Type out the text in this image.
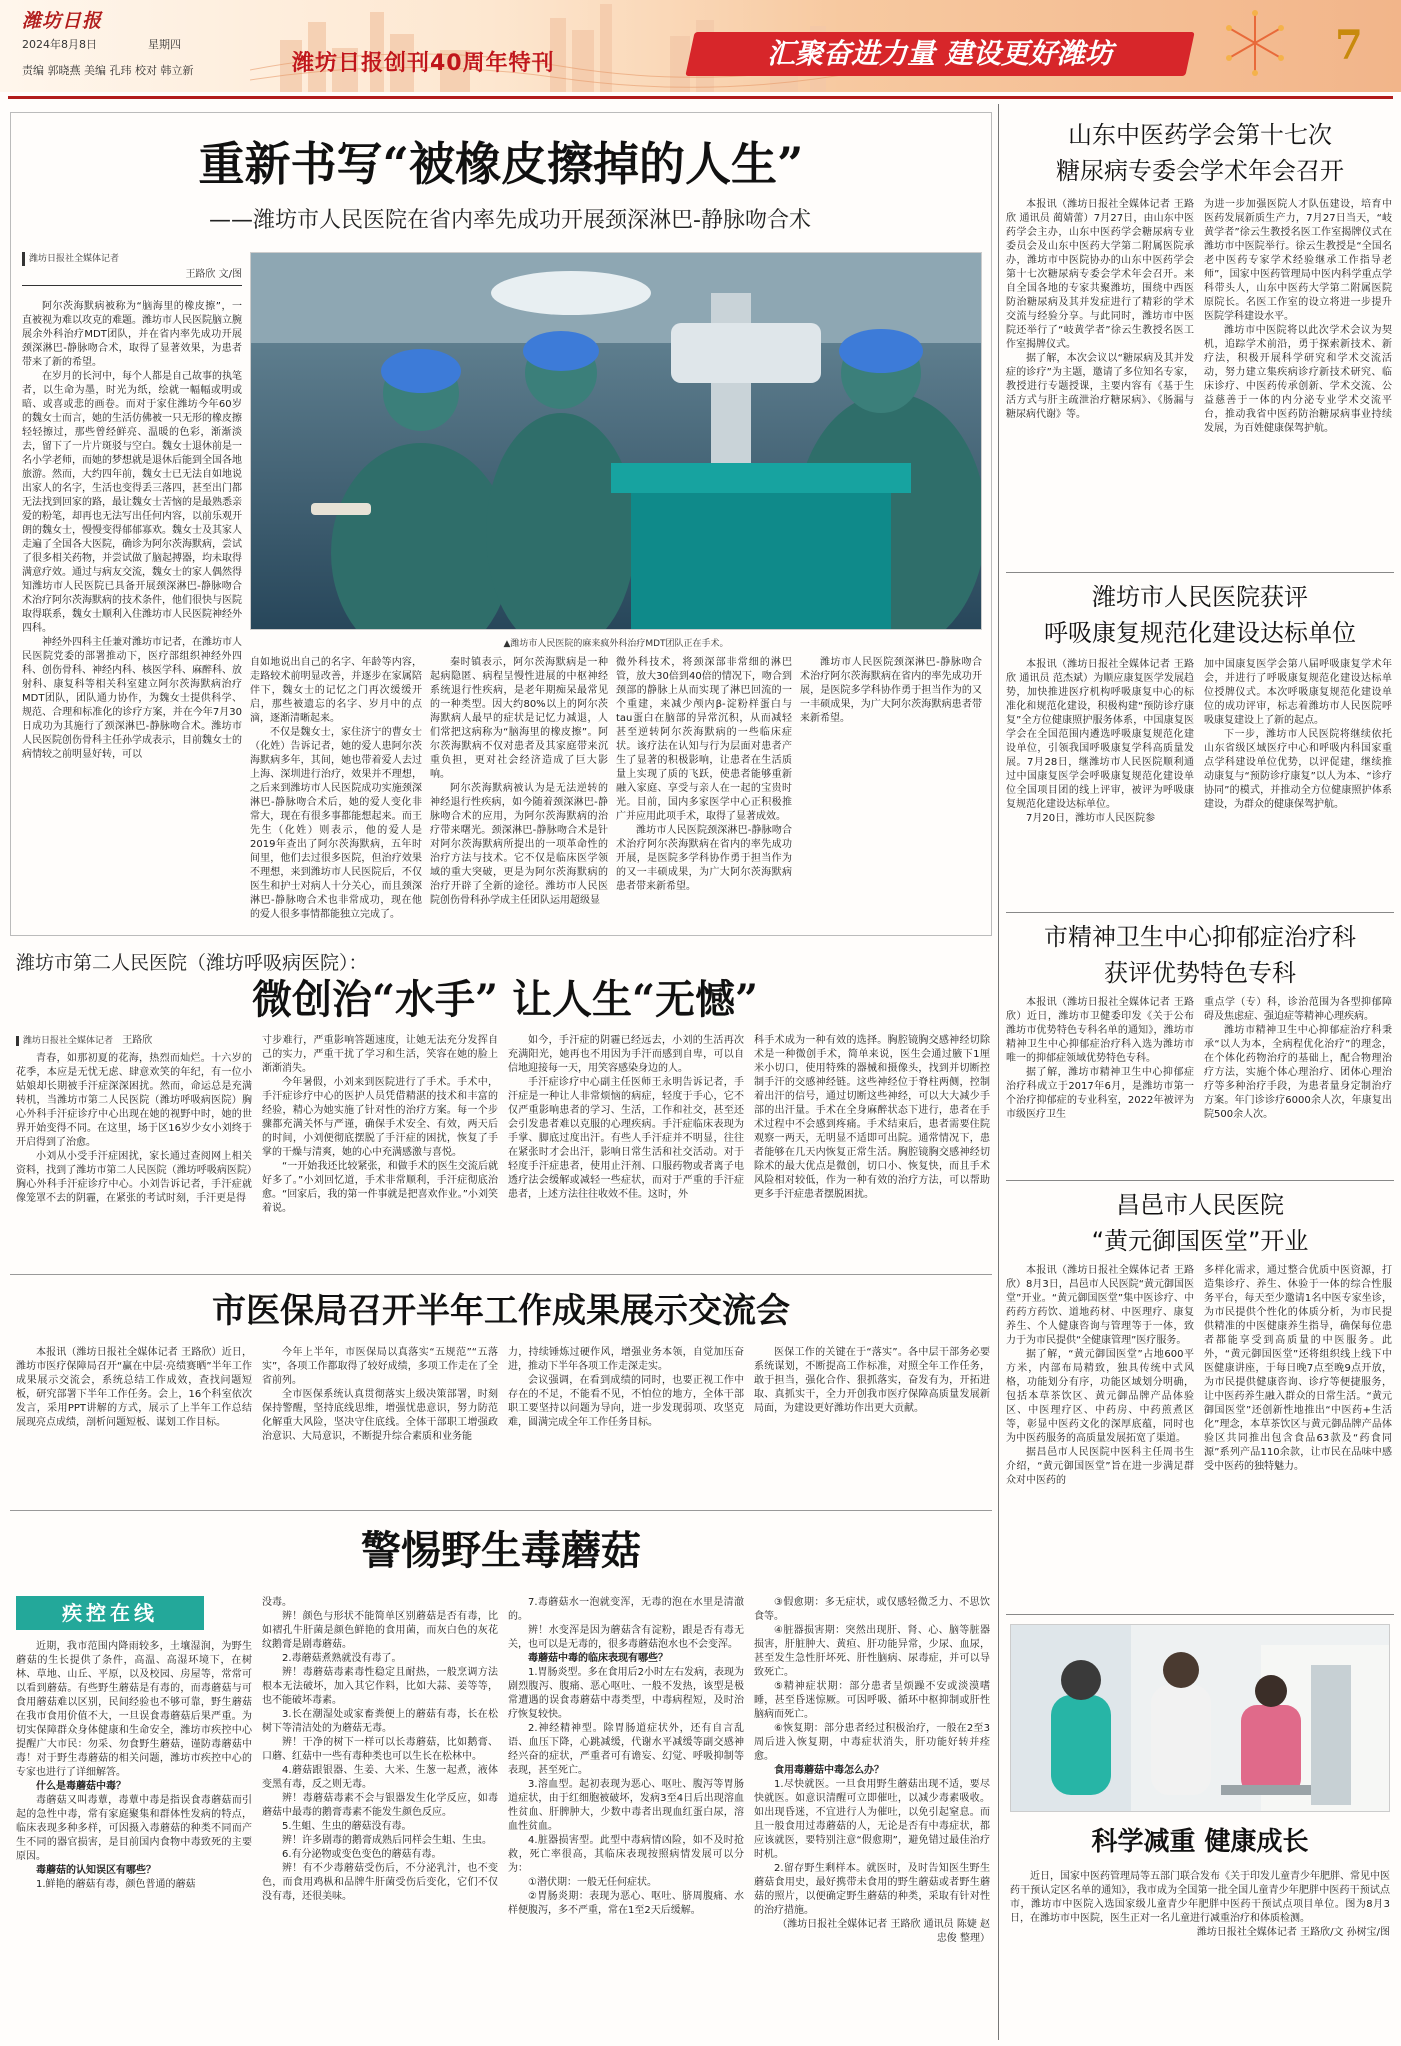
潍坊日报
2024年8月8日	星期四
责编 郭晓燕 美编 孔玮 校对 韩立新	潍坊日报创刊40周年特刊	汇聚奋进力量 建设更好潍坊	7
重新书写“被橡皮擦掉的人生”
——潍坊市人民医院在省内率先成功开展颈深淋巴-静脉吻合术
潍坊日报社全媒体记者
王路欣 文/图

阿尔茨海默病被称为“脑海里的橡皮擦”，一直被视为难以攻克的难题。潍坊市人民医院脑立腕展余外科治疗MDT团队，并在省内率先成功开展颈深淋巴-静脉吻合术，取得了显著效果，为患者带来了新的希望。

在岁月的长河中，每个人都是自己故事的执笔者，以生命为墨，时光为纸，绘就一幅幅或明或暗、或喜或悲的画卷。而对于家住潍坊今年60岁的魏女士而言，她的生活仿佛被一只无形的橡皮擦轻轻擦过，那些曾经鲜亮、温暖的色彩，渐渐淡去，留下了一片片斑驳与空白。魏女士退休前是一名小学老师，而她的梦想就是退休后能到全国各地旅游。然而，大约四年前，魏女士已无法自如地说出家人的名字，生活也变得丢三落四，甚至出门都无法找到回家的路，最让魏女士苦恼的是最熟悉亲爱的粉笔，却再也无法写出任何内容，以前乐观开朗的魏女士，慢慢变得郁郁寡欢。魏女士及其家人走遍了全国各大医院，确诊为阿尔茨海默病，尝试了很多相关药物，并尝试做了脑起搏器，均未取得满意疗效。通过与病友交流，魏女士的家人偶然得知潍坊市人民医院已具备开展颈深淋巴-静脉吻合术治疗阿尔茨海默病的技术条件，他们很快与医院取得联系，魏女士顺利入住潍坊市人民医院神经外四科。

神经外四科主任兼对潍坊市记者，在潍坊市人民医院党委的部署推动下，医疗部组织神经外四科、创伤骨科、神经内科、核医学科、麻醉科、放射科、康复科等相关科室建立阿尔茨海默病治疗MDT团队，团队通力协作，为魏女士提供科学、规范、合理和标准化的诊疗方案，并在今年7月30日成功为其施行了颈深淋巴-静脉吻合术。潍坊市人民医院创伤骨科主任孙学成表示，目前魏女士的病情较之前明显好转，可以

▲潍坊市人民医院的麻来疯外科治疗MDT团队正在手术。

自如地说出自己的名字、年龄等内容，走路较术前明显改善，并逐步在家属陪伴下，魏女士的记忆之门再次缓缓开启，那些被遗忘的名字、岁月中的点滴，逐渐清晰起来。

不仅是魏女士，家住济宁的曹女士（化姓）告诉记者，她的爱人患阿尔茨海默病多年，其间，她也带着爱人去过上海、深圳进行治疗，效果并不理想，之后来到潍坊市人民医院成功实施颈深淋巴-静脉吻合术后，她的爱人变化非常大，现在有很多事都能想起来。而王先生（化姓）则表示，他的爱人是2019年查出了阿尔茨海默病，五年时间里，他们去过很多医院，但治疗效果不理想，来到潍坊市人民医院后，不仅医生和护士对病人十分关心，而且颈深淋巴-静脉吻合术也非常成功，现在他的爱人很多事情都能独立完成了。

秦时镇表示，阿尔茨海默病是一种起病隐匿、病程呈慢性进展的中枢神经系统退行性疾病，是老年期痴呆最常见的一种类型。因大约80%以上的阿尔茨海默病人最早的症状是记忆力减退，人们常把这病称为“脑海里的橡皮擦”。阿尔茨海默病不仅对患者及其家庭带来沉重负担，更对社会经济造成了巨大影响。

阿尔茨海默病被认为是无法逆转的神经退行性疾病，如今随着颈深淋巴-静脉吻合术的应用，为阿尔茨海默病的治疗带来曙光。颈深淋巴-静脉吻合术是针对阿尔茨海默病所提出的一项革命性的治疗方法与技术。它不仅是临床医学领域的重大突破，更是为阿尔茨海默病的治疗开辟了全新的途径。潍坊市人民医院创伤骨科孙学成主任团队运用超级显

微外科技术，将颈深部非常细的淋巴管，放大30倍到40倍的情况下，吻合到颈部的静脉上从而实现了淋巴回流的一个重建，来减少颅内β-淀粉样蛋白与tau蛋白在脑部的异常沉积，从而减轻甚至逆转阿尔茨海默病的一些临床症状。该疗法在认知与行为层面对患者产生了显著的积极影响，让患者在生活质量上实现了质的飞跃，使患者能够重新融入家庭、享受与亲人在一起的宝贵时光。目前，国内多家医学中心正积极推广并应用此项手术，取得了显著成效。

潍坊市人民医院颈深淋巴-静脉吻合术治疗阿尔茨海默病在省内的率先成功开展，是医院多学科协作勇于担当作为的又一丰硕成果，为广大阿尔茨海默病患者带来新希望。

潍坊市人民医院颈深淋巴-静脉吻合术治疗阿尔茨海默病在省内的率先成功开展，是医院多学科协作勇于担当作为的又一丰硕成果，为广大阿尔茨海默病患者带来新希望。

潍坊市第二人民医院（潍坊呼吸病医院）：
微创治“水手” 让人生“无憾”
潍坊日报社全媒体记者 王路欣

青春，如那初夏的花海，热烈而灿烂。十六岁的花季，本应是无忧无虑、肆意欢笑的年纪，有一位小姑娘却长期被手汗症深深困扰。然而，命运总是充满转机，当潍坊市第二人民医院（潍坊呼吸病医院）胸心外科手汗症诊疗中心出现在她的视野中时，她的世界开始变得不同。在这里，场于区16岁少女小刘终于开启得到了治愈。

小刘从小受手汗症困扰，家长通过查阅网上相关资料，找到了潍坊市第二人民医院（潍坊呼吸病医院）胸心外科手汗症诊疗中心。小刘告诉记者，手汗症就像笼罩不去的阴霾，在紧张的考试时刻，手汗更是得

寸步难行，严重影响答题速度，让她无法充分发挥自己的实力，严重干扰了学习和生活，笑容在她的脸上渐渐消失。

今年暑假，小刘来到医院进行了手术。手术中，手汗症诊疗中心的医护人员凭借精湛的技术和丰富的经验，精心为她实施了针对性的治疗方案。每一个步骤都充满关怀与严谨，确保手术安全、有效，两天后的时间，小刘便彻底摆脱了手汗症的困扰，恢复了手掌的干燥与清爽，她的心中充满感激与喜悦。

“一开始我还比较紧张，和做手术的医生交流后就好多了。”小刘回忆道，手术非常顺利，手汗症彻底治愈。“回家后，我的第一件事就是把喜欢作业。”小刘笑着说。

如今，手汗症的阴霾已经远去，小刘的生活再次充满阳光，她再也不用因为手汗而感到自卑，可以自信地迎接每一天，用笑容感染身边的人。

手汗症诊疗中心副主任医师王永明告诉记者，手汗症是一种让人非常烦恼的病症，轻度于手心，它不仅严重影响患者的学习、生活，工作和社交，甚至还会引发患者难以克服的心理疾病。手汗症临床表现为手掌、脚底过度出汗。有些人手汗症并不明显，往往在紧张时才会出汗，影响日常生活和社交活动。对于轻度手汗症患者，使用止汗剂、口服药物或者离子电透疗法会缓解或减轻一些症状，而对于严重的手汗症患者，上述方法往往收效不佳。这时，外

科手术成为一种有效的选择。胸腔镜胸交感神经切除术是一种微创手术，简单来说，医生会通过腋下1厘米小切口，使用特殊的器械和摄像头，找到并切断控制手汗的交感神经链。这些神经位于脊柱两侧，控制着出汗的信号，通过切断这些神经，可以大大减少手部的出汗量。手术在全身麻醉状态下进行，患者在手术过程中不会感到疼痛。手术结束后，患者需要住院观察一两天，无明显不适即可出院。通常情况下，患者能够在几天内恢复正常生活。胸腔镜胸交感神经切除术的最大优点是微创，切口小、恢复快，而且手术风险相对较低，作为一种有效的治疗方法，可以帮助更多手汗症患者摆脱困扰。

市医保局召开半年工作成果展示交流会

本报讯（潍坊日报社全媒体记者 王路欣）近日，潍坊市医疗保障局召开“赢在中层·亮绩赛晒”半年工作成果展示交流会，系统总结工作成效，查找问题短板，研究部署下半年工作任务。会上，16个科室依次发言，采用PPT讲解的方式，展示了上半年工作总结展现亮点成绩，剖析问题短板、谋划工作目标。

今年上半年，市医保局以真落实“五规范”“五落实”，各项工作都取得了较好成绩，多项工作走在了全省前列。

全市医保系统认真贯彻落实上级决策部署，时刻保持警醒，坚持底线思维，增强忧患意识，努力防范化解重大风险，坚决守住底线。全体干部职工增强政治意识、大局意识，不断提升综合素质和业务能

力，持续锤炼过硬作风，增强业务本领，自觉加压奋进，推动下半年各项工作走深走实。

会议强调，在看到成绩的同时，也要正视工作中存在的不足，不能看不见，不怕位的地方，全体干部职工要坚持以问题为导向，进一步发现弱项、攻坚克难，圆满完成全年工作任务目标。

医保工作的关键在于“落实”。各中层干部务必要系统谋划，不断提高工作标准，对照全年工作任务，敢于担当，强化合作、狠抓落实，奋发有为，开拓进取、真抓实干，全力开创我市医疗保障高质量发展新局面，为建设更好潍坊作出更大贡献。

警惕野生毒蘑菇
疾控在线

近期，我市范围内降雨较多，土壤湿润，为野生蘑菇的生长提供了条件，高温、高湿环境下，在树林、草地、山丘、平原，以及校园、房屋等，常常可以看到蘑菇。有些野生蘑菇是有毒的，而毒蘑菇与可食用蘑菇难以区别，民间经验也不够可靠，野生蘑菇在我市食用价值不大，一旦误食毒蘑菇后果严重。为切实保障群众身体健康和生命安全，潍坊市疾控中心提醒广大市民：勿采、勿食野生蘑菇，谨防毒蘑菇中毒！对于野生毒蘑菇的相关问题，潍坊市疾控中心的专家也进行了详细解答。

什么是毒蘑菇中毒？

毒蘑菇又叫毒蕈，毒蕈中毒是指误食毒蘑菇而引起的急性中毒，常有家庭聚集和群体性发病的特点，临床表现多种多样，可因摄入毒蘑菇的种类不同而产生不同的器官损害，是目前国内食物中毒致死的主要原因。

毒蘑菇的认知误区有哪些？

1.鲜艳的蘑菇有毒，颜色普通的蘑菇

没毒。

辨！颜色与形状不能简单区别蘑菇是否有毒，比如褶孔牛肝菌是颜色鲜艳的食用菌，而灰白色的灰花纹鹅膏是剧毒蘑菇。

2.毒蘑菇煮熟就没有毒了。

辨！毒蘑菇毒素毒性稳定且耐热，一般烹调方法根本无法破坏，加入其它作料，比如大蒜、姜等等，也不能破坏毒素。

3.长在潮湿处或家畜粪便上的蘑菇有毒，长在松树下等清洁处的为蘑菇无毒。

辨！干净的树下一样可以长毒蘑菇，比如鹅膏、口蘑、红菇中一些有毒种类也可以生长在松林中。

4.蘑菇跟银器、生姜、大米、生葱一起煮，液体变黑有毒，反之则无毒。

辨！毒蘑菇毒素不会与银器发生化学反应，如毒蘑菇中最毒的鹅膏毒素不能发生颜色反应。

5.生蛆、生虫的蘑菇没有毒。

辨！许多剧毒的鹅膏成熟后同样会生蛆、生虫。

6.有分泌物或变色变色的蘑菇有毒。

辨！有不少毒蘑菇受伤后，不分泌乳汁，也不变色，而食用鸡枞和品牌牛肝菌受伤后变化，它们不仅没有毒，还很美味。

7.毒蘑菇水一泡就变浑，无毒的泡在水里是清澈的。

辨！水变浑是因为蘑菇含有淀粉，跟是否有毒无关，也可以是无毒的，很多毒蘑菇泡水也不会变浑。

毒蘑菇中毒的临床表现有哪些？

1.胃肠炎型。多在食用后2小时左右发病，表现为剧烈腹泻、腹痛、恶心呕吐、一般不发热，该型是极常遭遇的误食毒蘑菇中毒类型，中毒病程短，及时治疗恢复较快。

2.神经精神型。除胃肠道症状外，还有自言乱语、血压下降，心跳减缓，代谢水平减缓等副交感神经兴奋的症状，严重者可有谵妄、幻觉、呼吸抑制等表现，甚至死亡。

3.溶血型。起初表现为恶心、呕吐、腹泻等胃肠道症状，由于红细胞被破坏，发病3至4日后出现溶血性贫血、肝脾肿大，少数中毒者出现血红蛋白尿，溶血性贫血。

4.脏器损害型。此型中毒病情凶险，如不及时抢救，死亡率很高，其临床表现按照病情发展可以分为：

①潜伏期：一般无任何症状。

②胃肠炎期：表现为恶心、呕吐、脐周腹痛、水样便腹泻，多不严重，常在1至2天后缓解。

③假愈期：多无症状，或仅感轻微乏力、不思饮食等。

④脏器损害期：突然出现肝、肾、心、脑等脏器损害，肝脏肿大、黄疸、肝功能异常，少尿、血尿，甚至发生急性肝坏死、肝性脑病、尿毒症，并可以导致死亡。

⑤精神症状期：部分患者呈烦躁不安或淡漠嗜睡，甚至昏迷惊厥。可因呼吸、循环中枢抑制或肝性脑病而死亡。

⑥恢复期：部分患者经过积极治疗，一般在2至3周后进入恢复期，中毒症状消失，肝功能好转并痊愈。

食用毒蘑菇中毒怎么办？

1.尽快就医。一旦食用野生蘑菇出现不适，要尽快就医。如意识清醒可立即催吐，以减少毒素吸收。如出现昏迷，不宜进行人为催吐，以免引起窒息。而且一般食用过毒蘑菇的人，无论是否有中毒症状，都应该就医，要特别注意“假愈期”，避免错过最佳治疗时机。

2.留存野生剩样本。就医时，及时告知医生野生蘑菇食用史，最好携带未食用的野生蘑菇或者野生蘑菇的照片，以便确定野生蘑菇的种类，采取有针对性的治疗措施。

（潍坊日报社全媒体记者 王路欣 通讯员 陈婕 赵忠俊 整理）

山东中医药学会第十七次
糖尿病专委会学术年会召开

本报讯（潍坊日报社全媒体记者 王路欣 通讯员 蔺婧蕾）7月27日，由山东中医药学会主办，山东中医药学会糖尿病专业委员会及山东中医药大学第二附属医院承办，潍坊市中医院协办的山东中医药学会第十七次糖尿病专委会学术年会召开。来自全国各地的专家共聚潍坊，围绕中西医防治糖尿病及其并发症进行了精彩的学术交流与经验分享。与此同时，潍坊市中医院还举行了“岐黄学者”徐云生教授名医工作室揭牌仪式。

据了解，本次会议以“糖尿病及其并发症的诊疗”为主题，邀请了多位知名专家，教授进行专题授课，主要内容有《基于生活方式与肝主疏泄治疗糖尿病》、《肠漏与糖尿病代谢》等。

为进一步加强医院人才队伍建设，培育中医药发展新质生产力，7月27日当天，“岐黄学者”徐云生教授名医工作室揭牌仪式在潍坊市中医院举行。徐云生教授是“全国名老中医药专家学术经验继承工作指导老师”，国家中医药管理局中医内科学重点学科带头人，山东中医药大学第二附属医院原院长。名医工作室的设立将进一步提升医院学科建设水平。

潍坊市中医院将以此次学术会议为契机，追踪学术前沿，勇于探索新技术、新疗法，积极开展科学研究和学术交流活动，努力建立集疾病诊疗新技术研究、临床诊疗、中医药传承创新、学术交流、公益慈善于一体的内分泌专业学术交流平台，推动我省中医药防治糖尿病事业持续发展，为百姓健康保驾护航。

潍坊市人民医院获评
呼吸康复规范化建设达标单位

本报讯（潍坊日报社全媒体记者 王路欣 通讯员 范杰斌）为顺应康复医学发展趋势，加快推进医疗机构呼吸康复中心的标准化和规范化建设，积极构建“预防诊疗康复”全方位健康照护服务体系，中国康复医学会在全国范围内遴选呼吸康复规范化建设单位，引领我国呼吸康复学科高质量发展。7月28日，继潍坊市人民医院顺利通过中国康复医学会呼吸康复规范化建设单位全国项目团的线上评审，被评为呼吸康复规范化建设达标单位。

7月20日，潍坊市人民医院参

加中国康复医学会第八届呼吸康复学术年会，并进行了呼吸康复规范化建设达标单位授牌仪式。本次呼吸康复规范化建设单位的成功评审，标志着潍坊市人民医院呼吸康复建设上了新的起点。

下一步，潍坊市人民医院将继续依托山东省级区域医疗中心和呼吸内科国家重点学科建设单位优势，以评促建，继续推动康复与“预防诊疗康复”以人为本、“诊疗协同”的模式，并推动全方位健康照护体系建设，为群众的健康保驾护航。

市精神卫生中心抑郁症治疗科
获评优势特色专科

本报讯（潍坊日报社全媒体记者 王路欣）近日，潍坊市卫健委印发《关于公布潍坊市优势特色专科名单的通知》，潍坊市精神卫生中心抑郁症治疗科入选为潍坊市唯一的抑郁症领域优势特色专科。

据了解，潍坊市精神卫生中心抑郁症治疗科成立于2017年6月，是潍坊市第一个治疗抑郁症的专业科室，2022年被评为市级医疗卫生

重点学（专）科，诊治范围为各型抑郁障碍及焦虑症、强迫症等精神心理疾病。

潍坊市精神卫生中心抑郁症治疗科秉承“以人为本，全病程优化治疗”的理念，在个体化药物治疗的基础上，配合物理治疗方法，实施个体心理治疗、团体心理治疗等多种治疗手段，为患者量身定制治疗方案。年门诊诊疗6000余人次，年康复出院500余人次。

昌邑市人民医院
“黄元御国医堂”开业

本报讯（潍坊日报社全媒体记者 王路欣）8月3日，昌邑市人民医院“黄元御国医堂”开业。“黄元御国医堂”集中医诊疗、中药药方药饮、道地药材、中医理疗、康复养生、个人健康咨询与管理等于一体，致力于为市民提供“全健康管理”医疗服务。

据了解，“黄元御国医堂”占地600平方米，内部布局精致，独具传统中式风格，功能划分有序，功能区域划分明确，包括本草茶饮区、黄元御品牌产品体验区、中医理疗区、中药房、中药煎煮区等，彰显中医药文化的深厚底蕴，同时也为中医药服务的高质量发展拓宽了渠道。

据昌邑市人民医院中医科主任周书生介绍，“黄元御国医堂”旨在进一步满足群众对中医药的

多样化需求，通过整合优质中医资源，打造集诊疗、养生、休验于一体的综合性服务平台，每天至少邀请1名中医专家坐诊，为市民提供个性化的体质分析，为市民提供精准的中医健康养生指导，确保每位患者都能享受到高质量的中医服务。此外，“黄元御国医堂”还将组织线上线下中医健康讲座，于每日晚7点至晚9点开放，为市民提供健康咨询、诊疗等便捷服务，让中医药养生融入群众的日常生活。“黄元御国医堂”还创新性地推出“中医药+生活化”理念，本草茶饮区与黄元御品牌产品体验区共同推出包含食品63款及“药食同源”系列产品110余款，让市民在品味中感受中医药的独特魅力。

科学减重 健康成长

近日，国家中医药管理局等五部门联合发布《关于印发儿童青少年肥胖、常见中医药干预认定区名单的通知》，我市成为全国第一批全国儿童青少年肥胖中医药干预试点市，潍坊市中医院入选国家级儿童青少年肥胖中医药干预试点项目单位。图为8月3日，在潍坊市中医院，医生正对一名儿童进行减重治疗和体质检测。

潍坊日报社全媒体记者 王路欣/文 孙树宝/图
